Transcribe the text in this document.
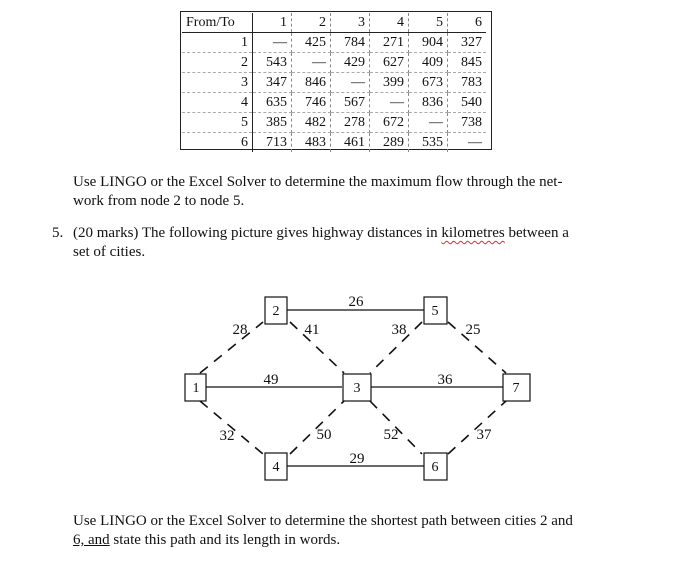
From/To	1	2	3	4	5	6
1	—	425	784	271	904	327
2	543	—	429	627	409	845
3	347	846	—	399	673	783
4	635	746	567	—	836	540
5	385	482	278	672	—	738
6	713	483	461	289	535	—

Use LINGO or the Excel Solver to determine the maximum flow through the net-
work from node 2 to node 5.

5. (20 marks) The following picture gives highway distances in kilometres between a
set of cities.

1
2
3
4
5
6
7
28
26
41	38	25
49	36
32	50	52
29
37

Use LINGO or the Excel Solver to determine the shortest path between cities 2 and
6, and state this path and its length in words.
